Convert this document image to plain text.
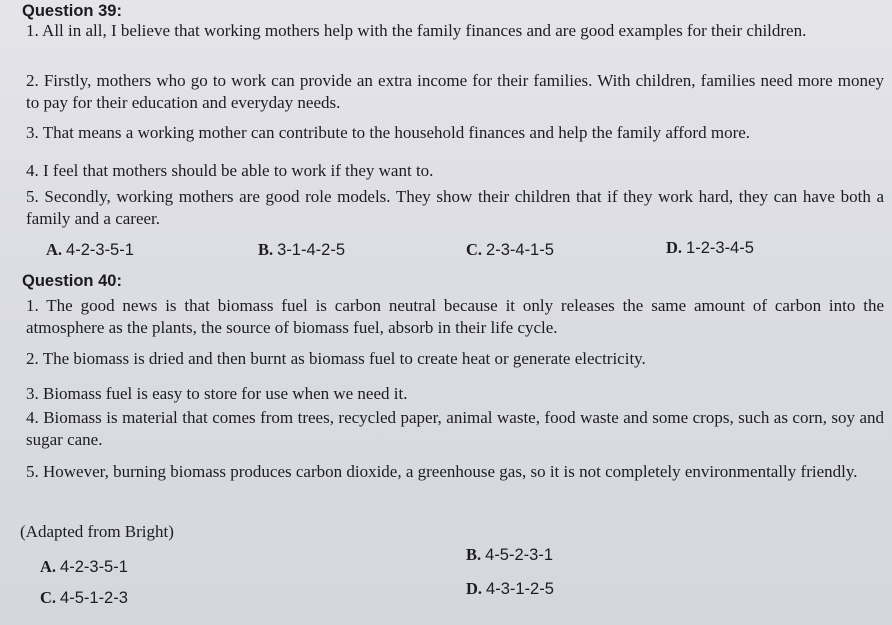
Question 39:
1. All in all, I believe that working mothers help with the family finances and are good examples for their children.
2. Firstly, mothers who go to work can provide an extra income for their families. With children, families need more money to pay for their education and everyday needs.
3. That means a working mother can contribute to the household finances and help the family afford more.
4. I feel that mothers should be able to work if they want to.
5. Secondly, working mothers are good role models. They show their children that if they work hard, they can have both a family and a career.
A. 4-2-3-5-1	B. 3-1-4-2-5	C. 2-3-4-1-5	D. 1-2-3-4-5
Question 40:
1. The good news is that biomass fuel is carbon neutral because it only releases the same amount of carbon into the atmosphere as the plants, the source of biomass fuel, absorb in their life cycle.
2. The biomass is dried and then burnt as biomass fuel to create heat or generate electricity.
3. Biomass fuel is easy to store for use when we need it.
4. Biomass is material that comes from trees, recycled paper, animal waste, food waste and some crops, such as corn, soy and sugar cane.
5. However, burning biomass produces carbon dioxide, a greenhouse gas, so it is not completely environmentally friendly.
(Adapted from Bright)
A. 4-2-3-5-1
B. 4-5-2-3-1
C. 4-5-1-2-3	D. 4-3-1-2-5
